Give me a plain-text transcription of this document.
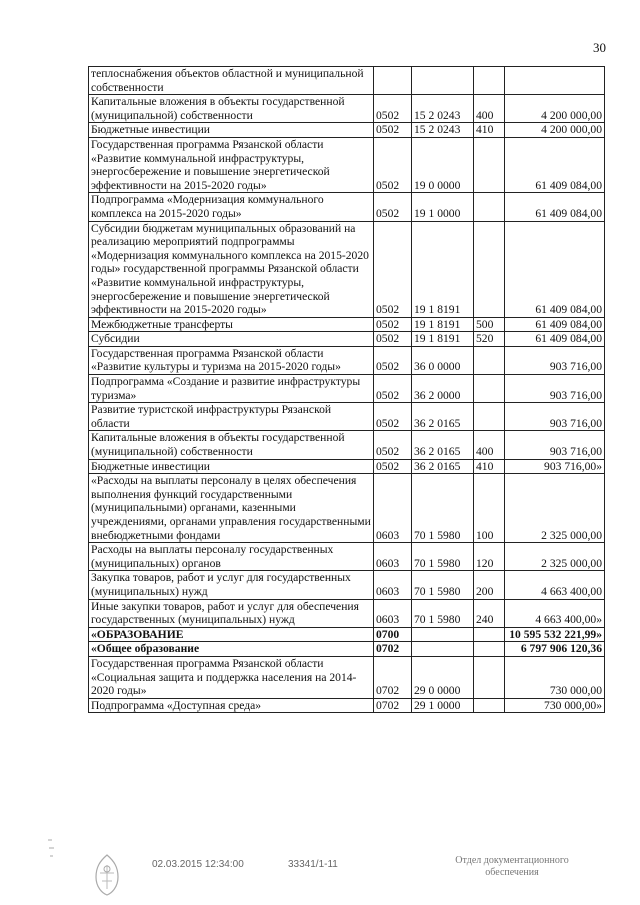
30
теплоснабжения объектов областной и муниципальной собственности				
Капитальные вложения в объекты государственной (муниципальной) собственности	0502	15 2 0243	400	4 200 000,00
Бюджетные инвестиции	0502	15 2 0243	410	4 200 000,00
Государственная программа Рязанской области «Развитие коммунальной инфраструктуры, энергосбережение и повышение энергетической эффективности на 2015-2020 годы»	0502	19 0 0000		61 409 084,00
Подпрограмма «Модернизация коммунального комплекса на 2015-2020 годы»	0502	19 1 0000		61 409 084,00
Субсидии бюджетам муниципальных образований на реализацию мероприятий подпрограммы «Модернизация коммунального комплекса на 2015-2020 годы» государственной программы Рязанской области «Развитие коммунальной инфраструктуры, энергосбережение и повышение энергетической эффективности на 2015-2020 годы»	0502	19 1 8191		61 409 084,00
Межбюджетные трансферты	0502	19 1 8191	500	61 409 084,00
Субсидии	0502	19 1 8191	520	61 409 084,00
Государственная программа Рязанской области «Развитие культуры и туризма на 2015-2020 годы»	0502	36 0 0000		903 716,00
Подпрограмма «Создание и развитие инфраструктуры туризма»	0502	36 2 0000		903 716,00
Развитие туристской инфраструктуры Рязанской области	0502	36 2 0165		903 716,00
Капитальные вложения в объекты государственной (муниципальной) собственности	0502	36 2 0165	400	903 716,00
Бюджетные инвестиции	0502	36 2 0165	410	903 716,00»
«Расходы на выплаты персоналу в целях обеспечения выполнения функций государственными (муниципальными) органами, казенными учреждениями, органами управления государственными внебюджетными фондами	0603	70 1 5980	100	2 325 000,00
Расходы на выплаты персоналу государственных (муниципальных) органов	0603	70 1 5980	120	2 325 000,00
Закупка товаров, работ и услуг для государственных (муниципальных) нужд	0603	70 1 5980	200	4 663 400,00
Иные закупки товаров, работ и услуг для обеспечения государственных (муниципальных) нужд	0603	70 1 5980	240	4 663 400,00»
«ОБРАЗОВАНИЕ	0700			10 595 532 221,99»
«Общее образование	0702			6 797 906 120,36
Государственная программа Рязанской области «Социальная защита и поддержка населения на 2014-2020 годы»	0702	29 0 0000		730 000,00
Подпрограмма «Доступная среда»	0702	29 1 0000		730 000,00»
02.03.2015 12:34:00	33341/1-11	Отдел документационного обеспечения
